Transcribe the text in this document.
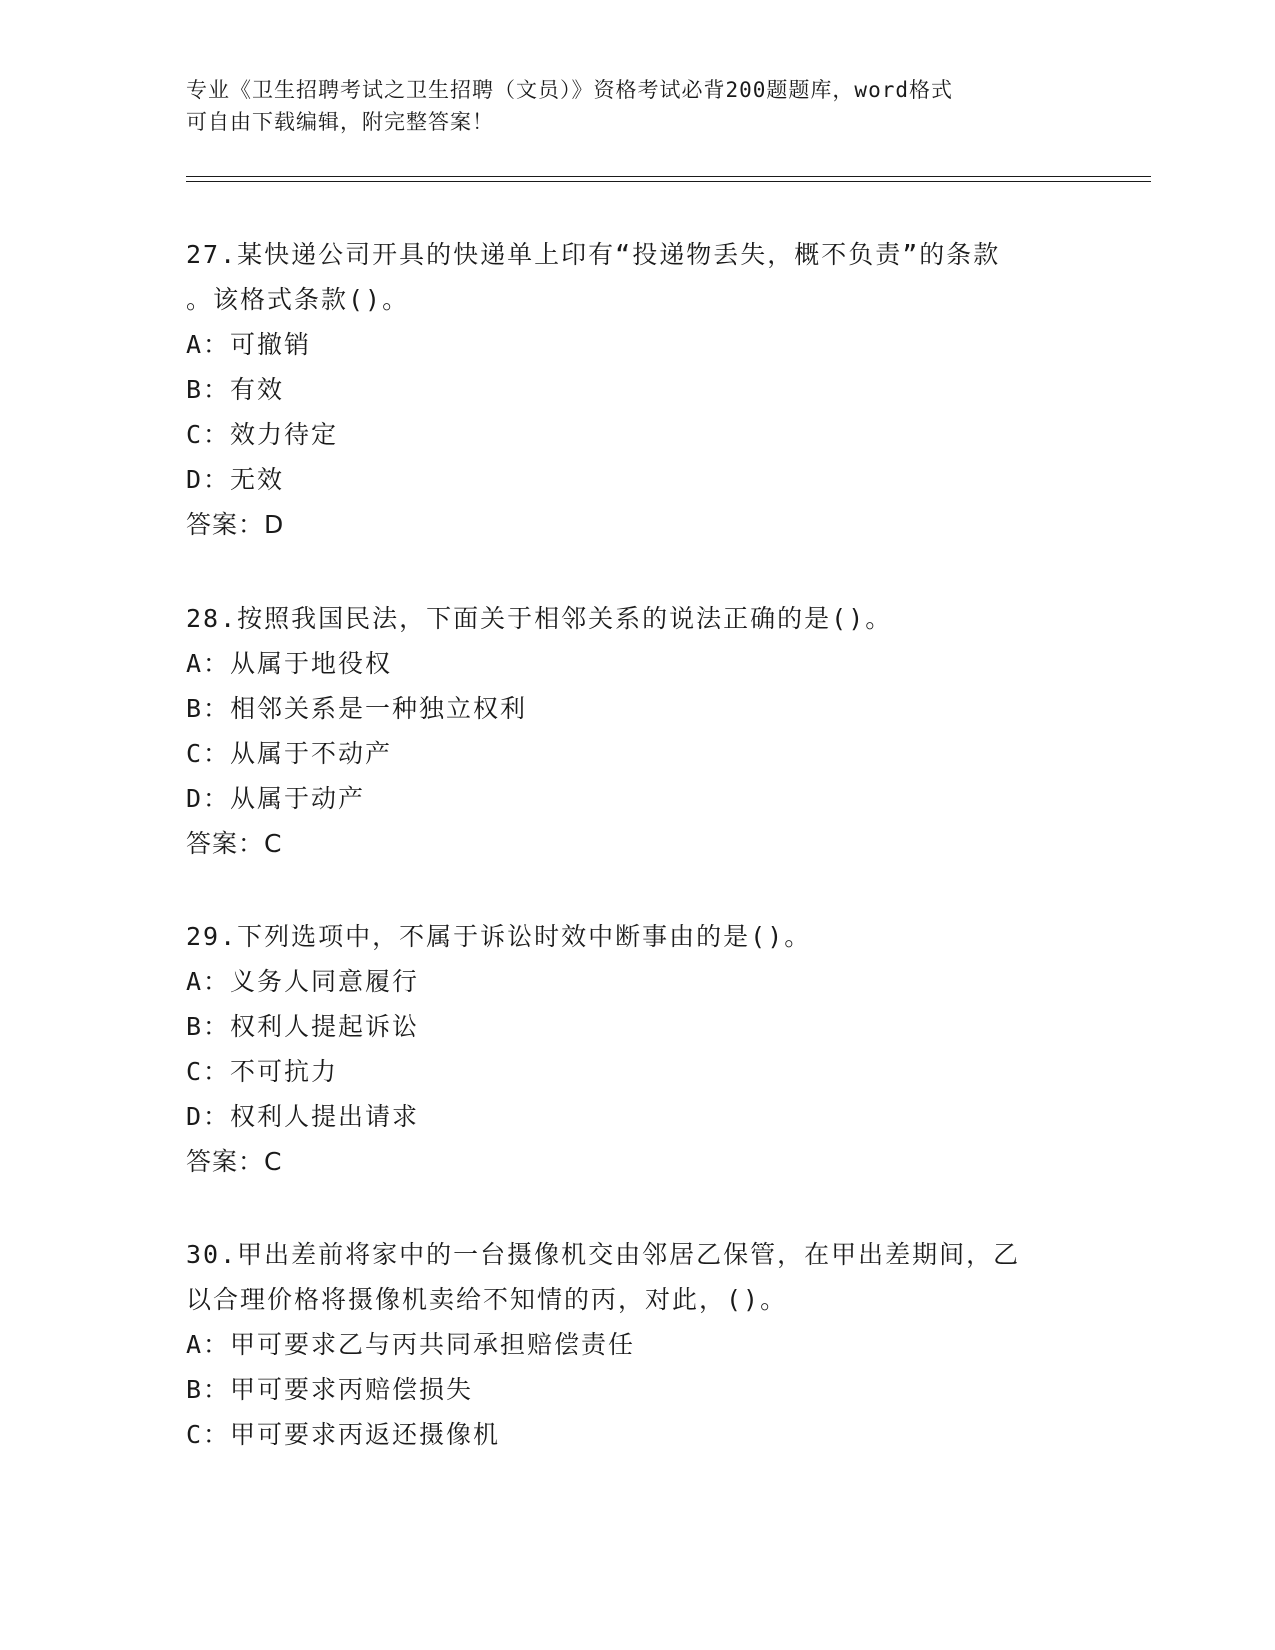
专业《卫生招聘考试之卫生招聘（文员）》资格考试必背200题题库，word格式
可自由下载编辑，附完整答案！

27.某快递公司开具的快递单上印有“投递物丢失，概不负责”的条款
。该格式条款()。

A：可撤销
B：有效
C：效力待定
D：无效
答案：D

28.按照我国民法，下面关于相邻关系的说法正确的是()。

A：从属于地役权
B：相邻关系是一种独立权利
C：从属于不动产
D：从属于动产
答案：C

29.下列选项中，不属于诉讼时效中断事由的是()。

A：义务人同意履行
B：权利人提起诉讼
C：不可抗力
D：权利人提出请求
答案：C

30.甲出差前将家中的一台摄像机交由邻居乙保管，在甲出差期间，乙
以合理价格将摄像机卖给不知情的丙，对此，()。

A：甲可要求乙与丙共同承担赔偿责任
B：甲可要求丙赔偿损失
C：甲可要求丙返还摄像机
